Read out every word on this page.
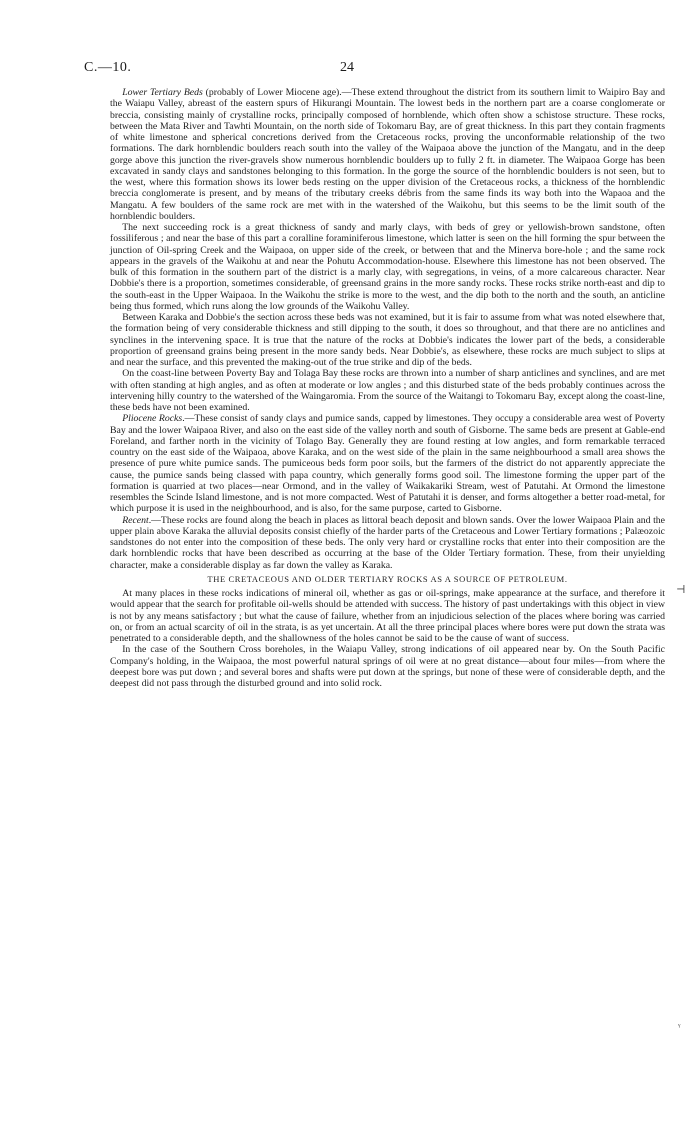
C.—10.	24

Lower Tertiary Beds (probably of Lower Miocene age).—These extend throughout the district from its southern limit to Waipiro Bay and the Waiapu Valley, abreast of the eastern spurs of Hikurangi Mountain. The lowest beds in the northern part are a coarse conglomerate or breccia, consisting mainly of crystalline rocks, principally composed of hornblende, which often show a schistose structure. These rocks, between the Mata River and Tawhti Mountain, on the north side of Tokomaru Bay, are of great thickness. In this part they contain fragments of white limestone and spherical concretions derived from the Cretaceous rocks, proving the unconformable relationship of the two formations. The dark hornblendic boulders reach south into the valley of the Waipaoa above the junction of the Mangatu, and in the deep gorge above this junction the river-gravels show numerous hornblendic boulders up to fully 2 ft. in diameter. The Waipaoa Gorge has been excavated in sandy clays and sandstones belonging to this formation. In the gorge the source of the hornblendic boulders is not seen, but to the west, where this formation shows its lower beds resting on the upper division of the Cretaceous rocks, a thickness of the hornblendic breccia conglomerate is present, and by means of the tributary creeks débris from the same finds its way both into the Wapaoa and the Mangatu. A few boulders of the same rock are met with in the watershed of the Waikohu, but this seems to be the limit south of the hornblendic boulders.

The next succeeding rock is a great thickness of sandy and marly clays, with beds of grey or yellowish-brown sandstone, often fossiliferous ; and near the base of this part a coralline foraminiferous limestone, which latter is seen on the hill forming the spur between the junction of Oil-spring Creek and the Waipaoa, on upper side of the creek, or between that and the Minerva bore-hole ; and the same rock appears in the gravels of the Waikohu at and near the Pohutu Accommodation-house. Elsewhere this limestone has not been observed. The bulk of this formation in the southern part of the district is a marly clay, with segregations, in veins, of a more calcareous character. Near Dobbie's there is a proportion, sometimes considerable, of greensand grains in the more sandy rocks. These rocks strike north-east and dip to the south-east in the Upper Waipaoa. In the Waikohu the strike is more to the west, and the dip both to the north and the south, an anticline being thus formed, which runs along the low grounds of the Waikohu Valley.

Between Karaka and Dobbie's the section across these beds was not examined, but it is fair to assume from what was noted elsewhere that, the formation being of very considerable thickness and still dipping to the south, it does so throughout, and that there are no anticlines and synclines in the intervening space. It is true that the nature of the rocks at Dobbie's indicates the lower part of the beds, a considerable proportion of greensand grains being present in the more sandy beds. Near Dobbie's, as elsewhere, these rocks are much subject to slips at and near the surface, and this prevented the making-out of the true strike and dip of the beds.

On the coast-line between Poverty Bay and Tolaga Bay these rocks are thrown into a number of sharp anticlines and synclines, and are met with often standing at high angles, and as often at moderate or low angles ; and this disturbed state of the beds probably continues across the intervening hilly country to the watershed of the Waingaromia. From the source of the Waitangi to Tokomaru Bay, except along the coast-line, these beds have not been examined.

Pliocene Rocks.—These consist of sandy clays and pumice sands, capped by limestones. They occupy a considerable area west of Poverty Bay and the lower Waipaoa River, and also on the east side of the valley north and south of Gisborne. The same beds are present at Gable-end Foreland, and farther north in the vicinity of Tolago Bay. Generally they are found resting at low angles, and form remarkable terraced country on the east side of the Waipaoa, above Karaka, and on the west side of the plain in the same neighbourhood a small area shows the presence of pure white pumice sands. The pumiceous beds form poor soils, but the farmers of the district do not apparently appreciate the cause, the pumice sands being classed with papa country, which generally forms good soil. The limestone forming the upper part of the formation is quarried at two places—near Ormond, and in the valley of Waikakariki Stream, west of Patutahi. At Ormond the limestone resembles the Scinde Island limestone, and is not more compacted. West of Patutahi it is denser, and forms altogether a better road-metal, for which purpose it is used in the neighbourhood, and is also, for the same purpose, carted to Gisborne.

Recent.—These rocks are found along the beach in places as littoral beach deposit and blown sands. Over the lower Waipaoa Plain and the upper plain above Karaka the alluvial deposits consist chiefly of the harder parts of the Cretaceous and Lower Tertiary formations ; Palæozoic sandstones do not enter into the composition of these beds. The only very hard or crystalline rocks that enter into their composition are the dark hornblendic rocks that have been described as occurring at the base of the Older Tertiary formation. These, from their unyielding character, make a considerable display as far down the valley as Karaka.

THE CRETACEOUS AND OLDER TERTIARY ROCKS AS A SOURCE OF PETROLEUM.

At many places in these rocks indications of mineral oil, whether as gas or oil-springs, make appearance at the surface, and therefore it would appear that the search for profitable oil-wells should be attended with success. The history of past undertakings with this object in view is not by any means satisfactory ; but what the cause of failure, whether from an injudicious selection of the places where boring was carried on, or from an actual scarcity of oil in the strata, is as yet uncertain. At all the three principal places where bores were put down the strata was penetrated to a considerable depth, and the shallowness of the holes cannot be said to be the cause of want of success.

In the case of the Southern Cross boreholes, in the Waiapu Valley, strong indications of oil appeared near by. On the South Pacific Company's holding, in the Waipaoa, the most powerful natural springs of oil were at no great distance—about four miles—from where the deepest bore was put down ; and several bores and shafts were put down at the springs, but none of these were of considerable depth, and the deepest did not pass through the disturbed ground and into solid rock.

⊣
ᵞ
